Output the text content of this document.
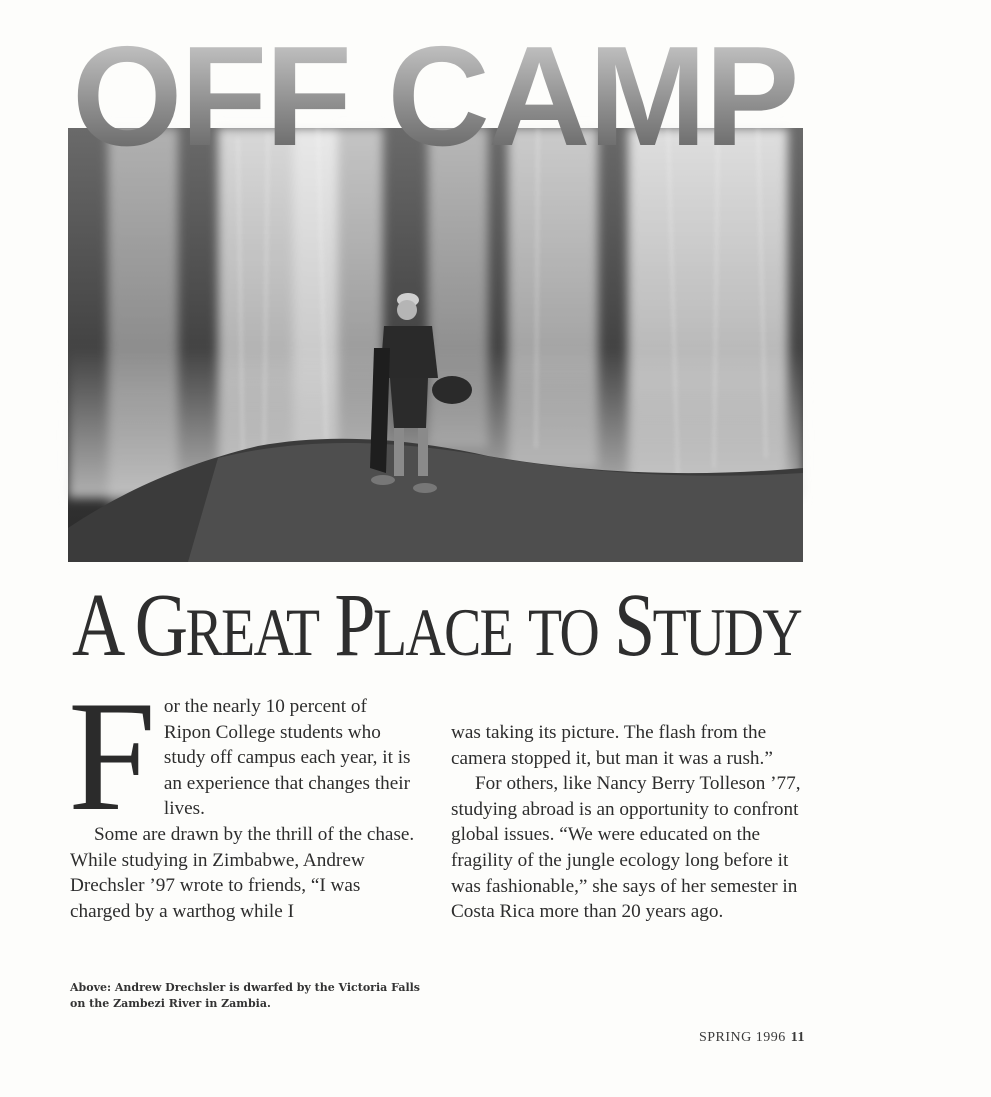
OFF CAMPUS
A GREAT PLACE TO STUDY

For the nearly 10 percent of Ripon College students who study off campus each year, it is an experience that changes their lives.

Some are drawn by the thrill of the chase. While studying in Zimbabwe, Andrew Drechsler ’97 wrote to friends, “I was charged by a warthog while I

was taking its picture. The flash from the camera stopped it, but man it was a rush.”

For others, like Nancy Berry Tolleson ’77, studying abroad is an opportunity to confront global issues. “We were educated on the fragility of the jungle ecology long before it was fashionable,” she says of her semester in Costa Rica more than 20 years ago.

Above: Andrew Drechsler is dwarfed by the Victoria Falls on the Zambezi River in Zambia.

SPRING 1996 11
